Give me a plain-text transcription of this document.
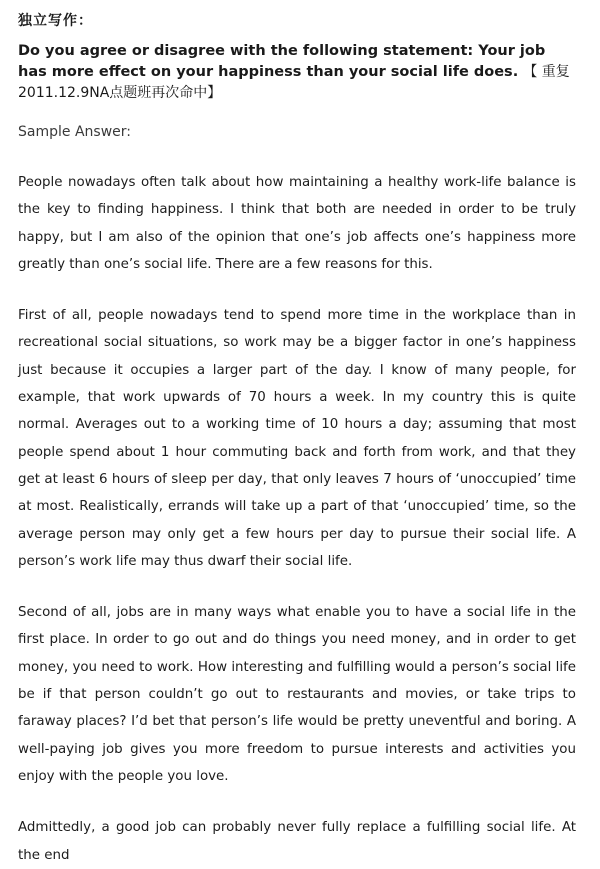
独立写作：
Do you agree or disagree with the following statement: Your job has more effect on your happiness than your social life does. 【 重复2011.12.9NA点题班再次命中】
Sample Answer:

People nowadays often talk about how maintaining a healthy work-life balance is the key to finding happiness. I think that both are needed in order to be truly happy, but I am also of the opinion that one’s job affects one’s happiness more greatly than one’s social life. There are a few reasons for this.

First of all, people nowadays tend to spend more time in the workplace than in recreational social situations, so work may be a bigger factor in one’s happiness just because it occupies a larger part of the day. I know of many people, for example, that work upwards of 70 hours a week. In my country this is quite normal. Averages out to a working time of 10 hours a day; assuming that most people spend about 1 hour commuting back and forth from work, and that they get at least 6 hours of sleep per day, that only leaves 7 hours of ‘unoccupied’ time at most. Realistically, errands will take up a part of that ‘unoccupied’ time, so the average person may only get a few hours per day to pursue their social life. A person’s work life may thus dwarf their social life.

Second of all, jobs are in many ways what enable you to have a social life in the first place. In order to go out and do things you need money, and in order to get money, you need to work. How interesting and fulfilling would a person’s social life be if that person couldn’t go out to restaurants and movies, or take trips to faraway places? I’d bet that person’s life would be pretty uneventful and boring. A well-paying job gives you more freedom to pursue interests and activities you enjoy with the people you love.

Admittedly, a good job can probably never fully replace a fulfilling social life. At the end
